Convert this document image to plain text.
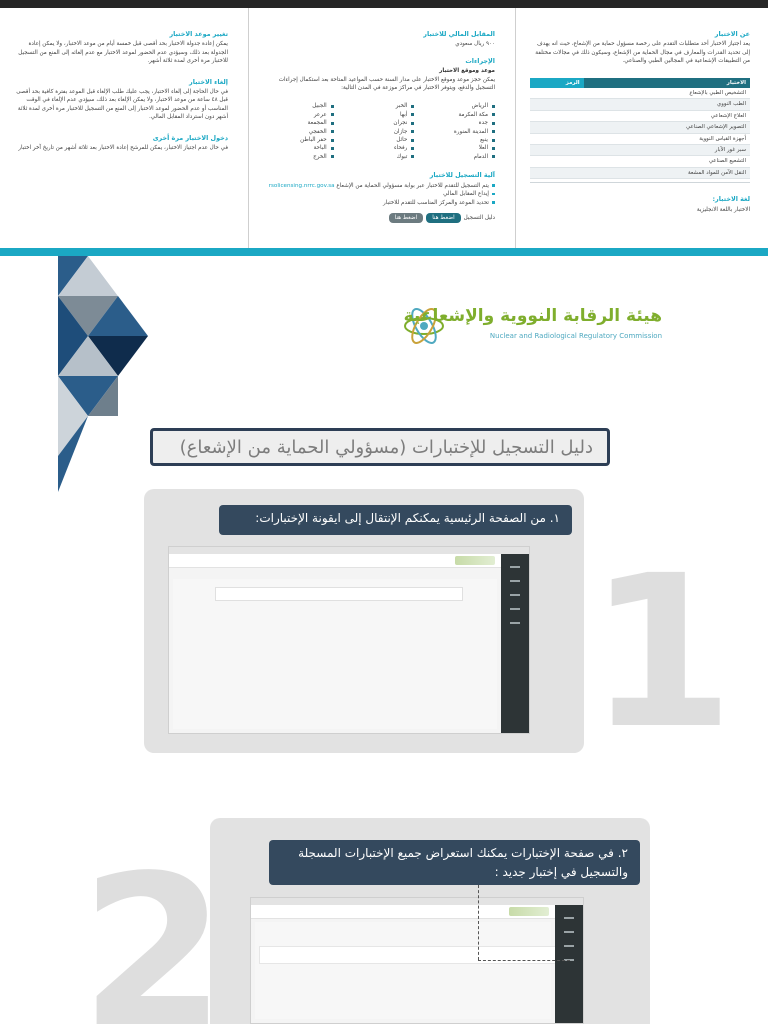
عن الاختبار
يعد اجتياز الاختبار أحد متطلبات التقدم على رخصة مسؤول حماية من الإشعاع، حيث انه يهدف إلى تحديد القدرات والمعارف في مجال الحماية من الإشعاع، وسيكون ذلك في مجالات مختلفة من التطبيقات الإشعاعية في المجالين الطبي والصناعي.
الاختبار	الرمز
التشخيص الطبي بالإشعاع	
الطب النووي	
العلاج الإشعاعي	
التصوير الإشعاعي الصناعي	
أجهزة القياس النووية	
سبر غور الآبار	
التشعيع الصناعي	
النقل الآمن للمواد المشعة	
لغة الاختبار:
الاختبار باللغة الانجليزية
المقابل المالي للاختبار
٩٠٠ ريال سعودي
الإجراءات
موعد وموقع الاختبار
يمكن حجز موعد وموقع الاختبار على مدار السنة حسب المواعيد المتاحة بعد استكمال إجراءات التسجيل والدفع، ويتوفر الاختبار في مراكز موزعة في المدن التالية:
الرياض
الخبر
الجبيل
مكة المكرمة
أبها
عرعر
جدة
نجران
المجمعة
المدينة المنورة
جازان
الخفجي
ينبع
حائل
حفر الباطن
العلا
رفحاء
الباحة
الدمام
تبوك
الخرج
آلية التسجيل للاختبار
يتم التسجيل للتقدم للاختبار عبر بوابة مسؤولي الحماية من الإشعاع rsolicensing.nrrc.gov.sa
إيداع المقابل المالي
تحديد الموعد والمركز المناسب للتقدم للاختبار
دليل التسجيل
اضغط هنا
اضغط هنا
تغيير موعد الاختبار
يمكن إعادة جدولة الاختبار بحد أقصى قبل خمسة أيام من موعد الاختبار، ولا يمكن إعادة الجدولة بعد ذلك، وسيؤدي عدم الحضور لموعد الاختبار مع عدم إلغائه إلى المنع من التسجيل للاختبار مرة أخرى لمدة ثلاثة أشهر.
إلغاء الاختبار
في حال الحاجة إلى إلغاء الاختبار، يجب عليك طلب الإلغاء قبل الموعد بفترة كافية بحد أقصى قبل ٤٨ ساعة من موعد الاختبار، ولا يمكن الإلغاء بعد ذلك، سيؤدي عدم الإلغاء في الوقت المناسب أو عدم الحضور لموعد الاختبار إلى المنع من التسجيل للاختبار مرة أخرى لمدة ثلاثة أشهر دون استرداد المقابل المالي.
دخول الاختبار مرة أخرى
في حال عدم اجتياز الاختبار، يمكن للمرشح إعادة الاختبار بعد ثلاثة أشهر من تاريخ آخر اختبار
هيئة الرقابة النووية والإشعاعية
Nuclear and Radiological Regulatory Commission
دليل التسجيل للإختبارات (مسؤولي الحماية من الإشعاع)
1
١. من الصفحة الرئيسية يمكنكم الإنتقال إلى ايقونة الإختبارات:
2	٢. في صفحة الإختبارات يمكنك استعراض جميع الإختبارات المسجلة والتسجيل في إختبار جديد :
